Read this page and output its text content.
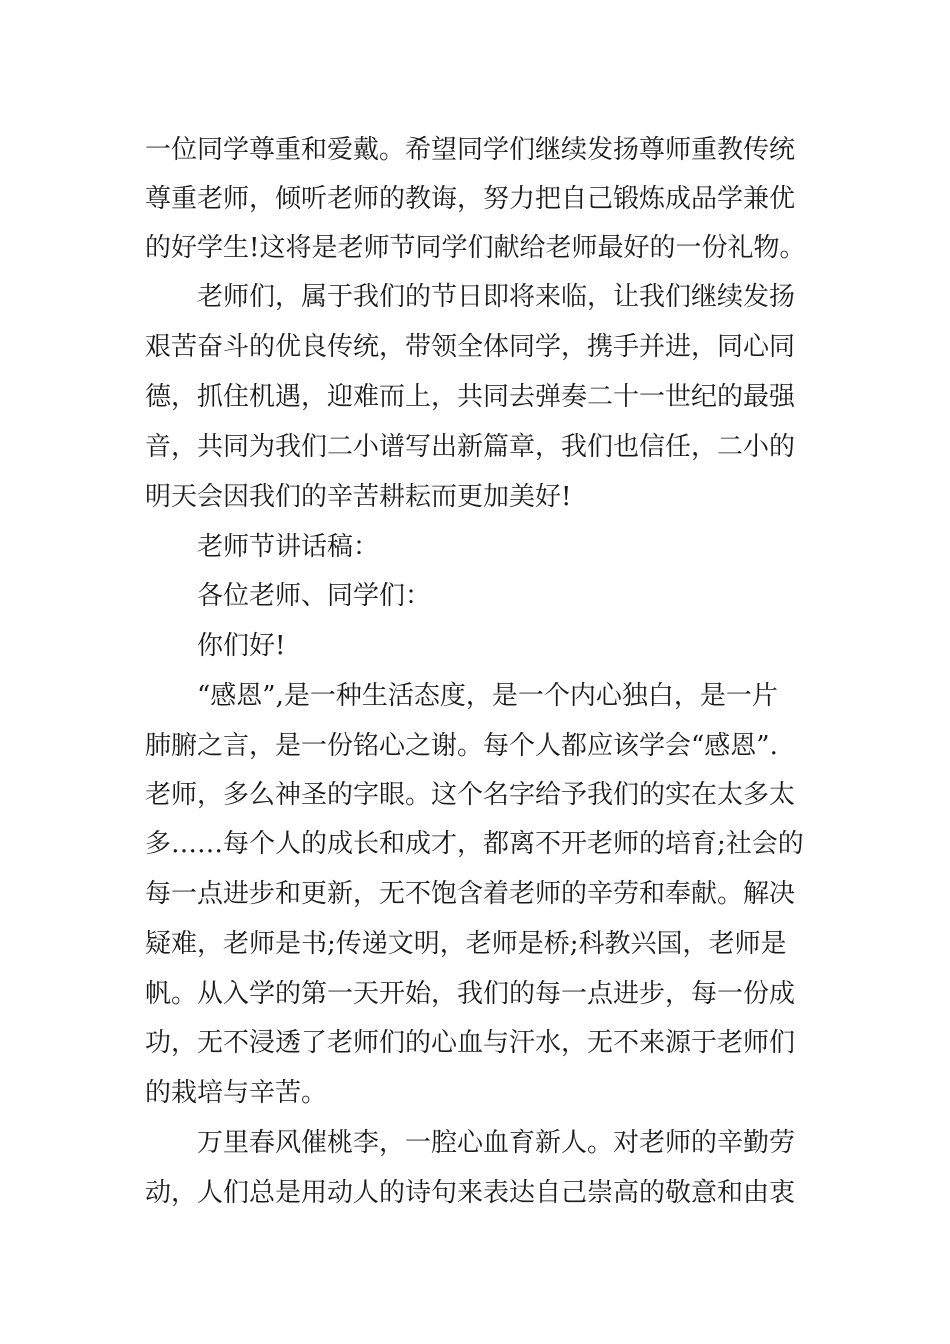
一位同学尊重和爱戴。希望同学们继续发扬尊师重教传统
尊重老师，倾听老师的教诲，努力把自己锻炼成品学兼优
的好学生!这将是老师节同学们献给老师最好的一份礼物。
老师们，属于我们的节日即将来临，让我们继续发扬
艰苦奋斗的优良传统，带领全体同学，携手并进，同心同
德，抓住机遇，迎难而上，共同去弹奏二十一世纪的最强
音，共同为我们二小谱写出新篇章，我们也信任，二小的
明天会因我们的辛苦耕耘而更加美好!
老师节讲话稿：
各位老师、同学们：
你们好!
“感恩”,是一种生活态度，是一个内心独白，是一片
肺腑之言，是一份铭心之谢。每个人都应该学会“感恩”.
老师，多么神圣的字眼。这个名字给予我们的实在太多太
多……每个人的成长和成才，都离不开老师的培育;社会的
每一点进步和更新，无不饱含着老师的辛劳和奉献。解决
疑难，老师是书;传递文明，老师是桥;科教兴国，老师是
帆。从入学的第一天开始，我们的每一点进步，每一份成
功，无不浸透了老师们的心血与汗水，无不来源于老师们
的栽培与辛苦。
万里春风催桃李，一腔心血育新人。对老师的辛勤劳
动，人们总是用动人的诗句来表达自己崇高的敬意和由衷
